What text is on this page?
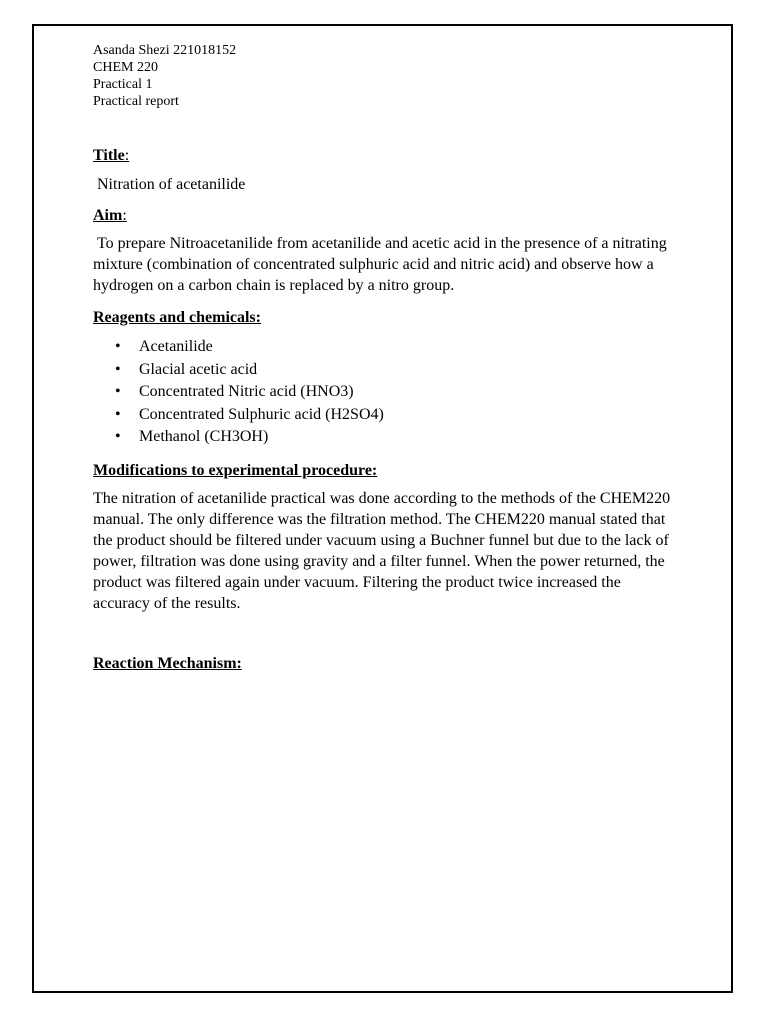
Asanda Shezi 221018152

CHEM 220

Practical 1

Practical report

Title:

Nitration of acetanilide

Aim:

To prepare Nitroacetanilide from acetanilide and acetic acid in the presence of a nitrating mixture (combination of concentrated sulphuric acid and nitric acid) and observe how a hydrogen on a carbon chain is replaced by a nitro group.

Reagents and chemicals:

• Acetanilide
• Glacial acetic acid
• Concentrated Nitric acid (HNO3)
• Concentrated Sulphuric acid (H2SO4)
• Methanol (CH3OH)

Modifications to experimental procedure:

The nitration of acetanilide practical was done according to the methods of the CHEM220 manual. The only difference was the filtration method. The CHEM220 manual stated that the product should be filtered under vacuum using a Buchner funnel but due to the lack of power, filtration was done using gravity and a filter funnel. When the power returned, the product was filtered again under vacuum. Filtering the product twice increased the accuracy of the results.

Reaction Mechanism:
